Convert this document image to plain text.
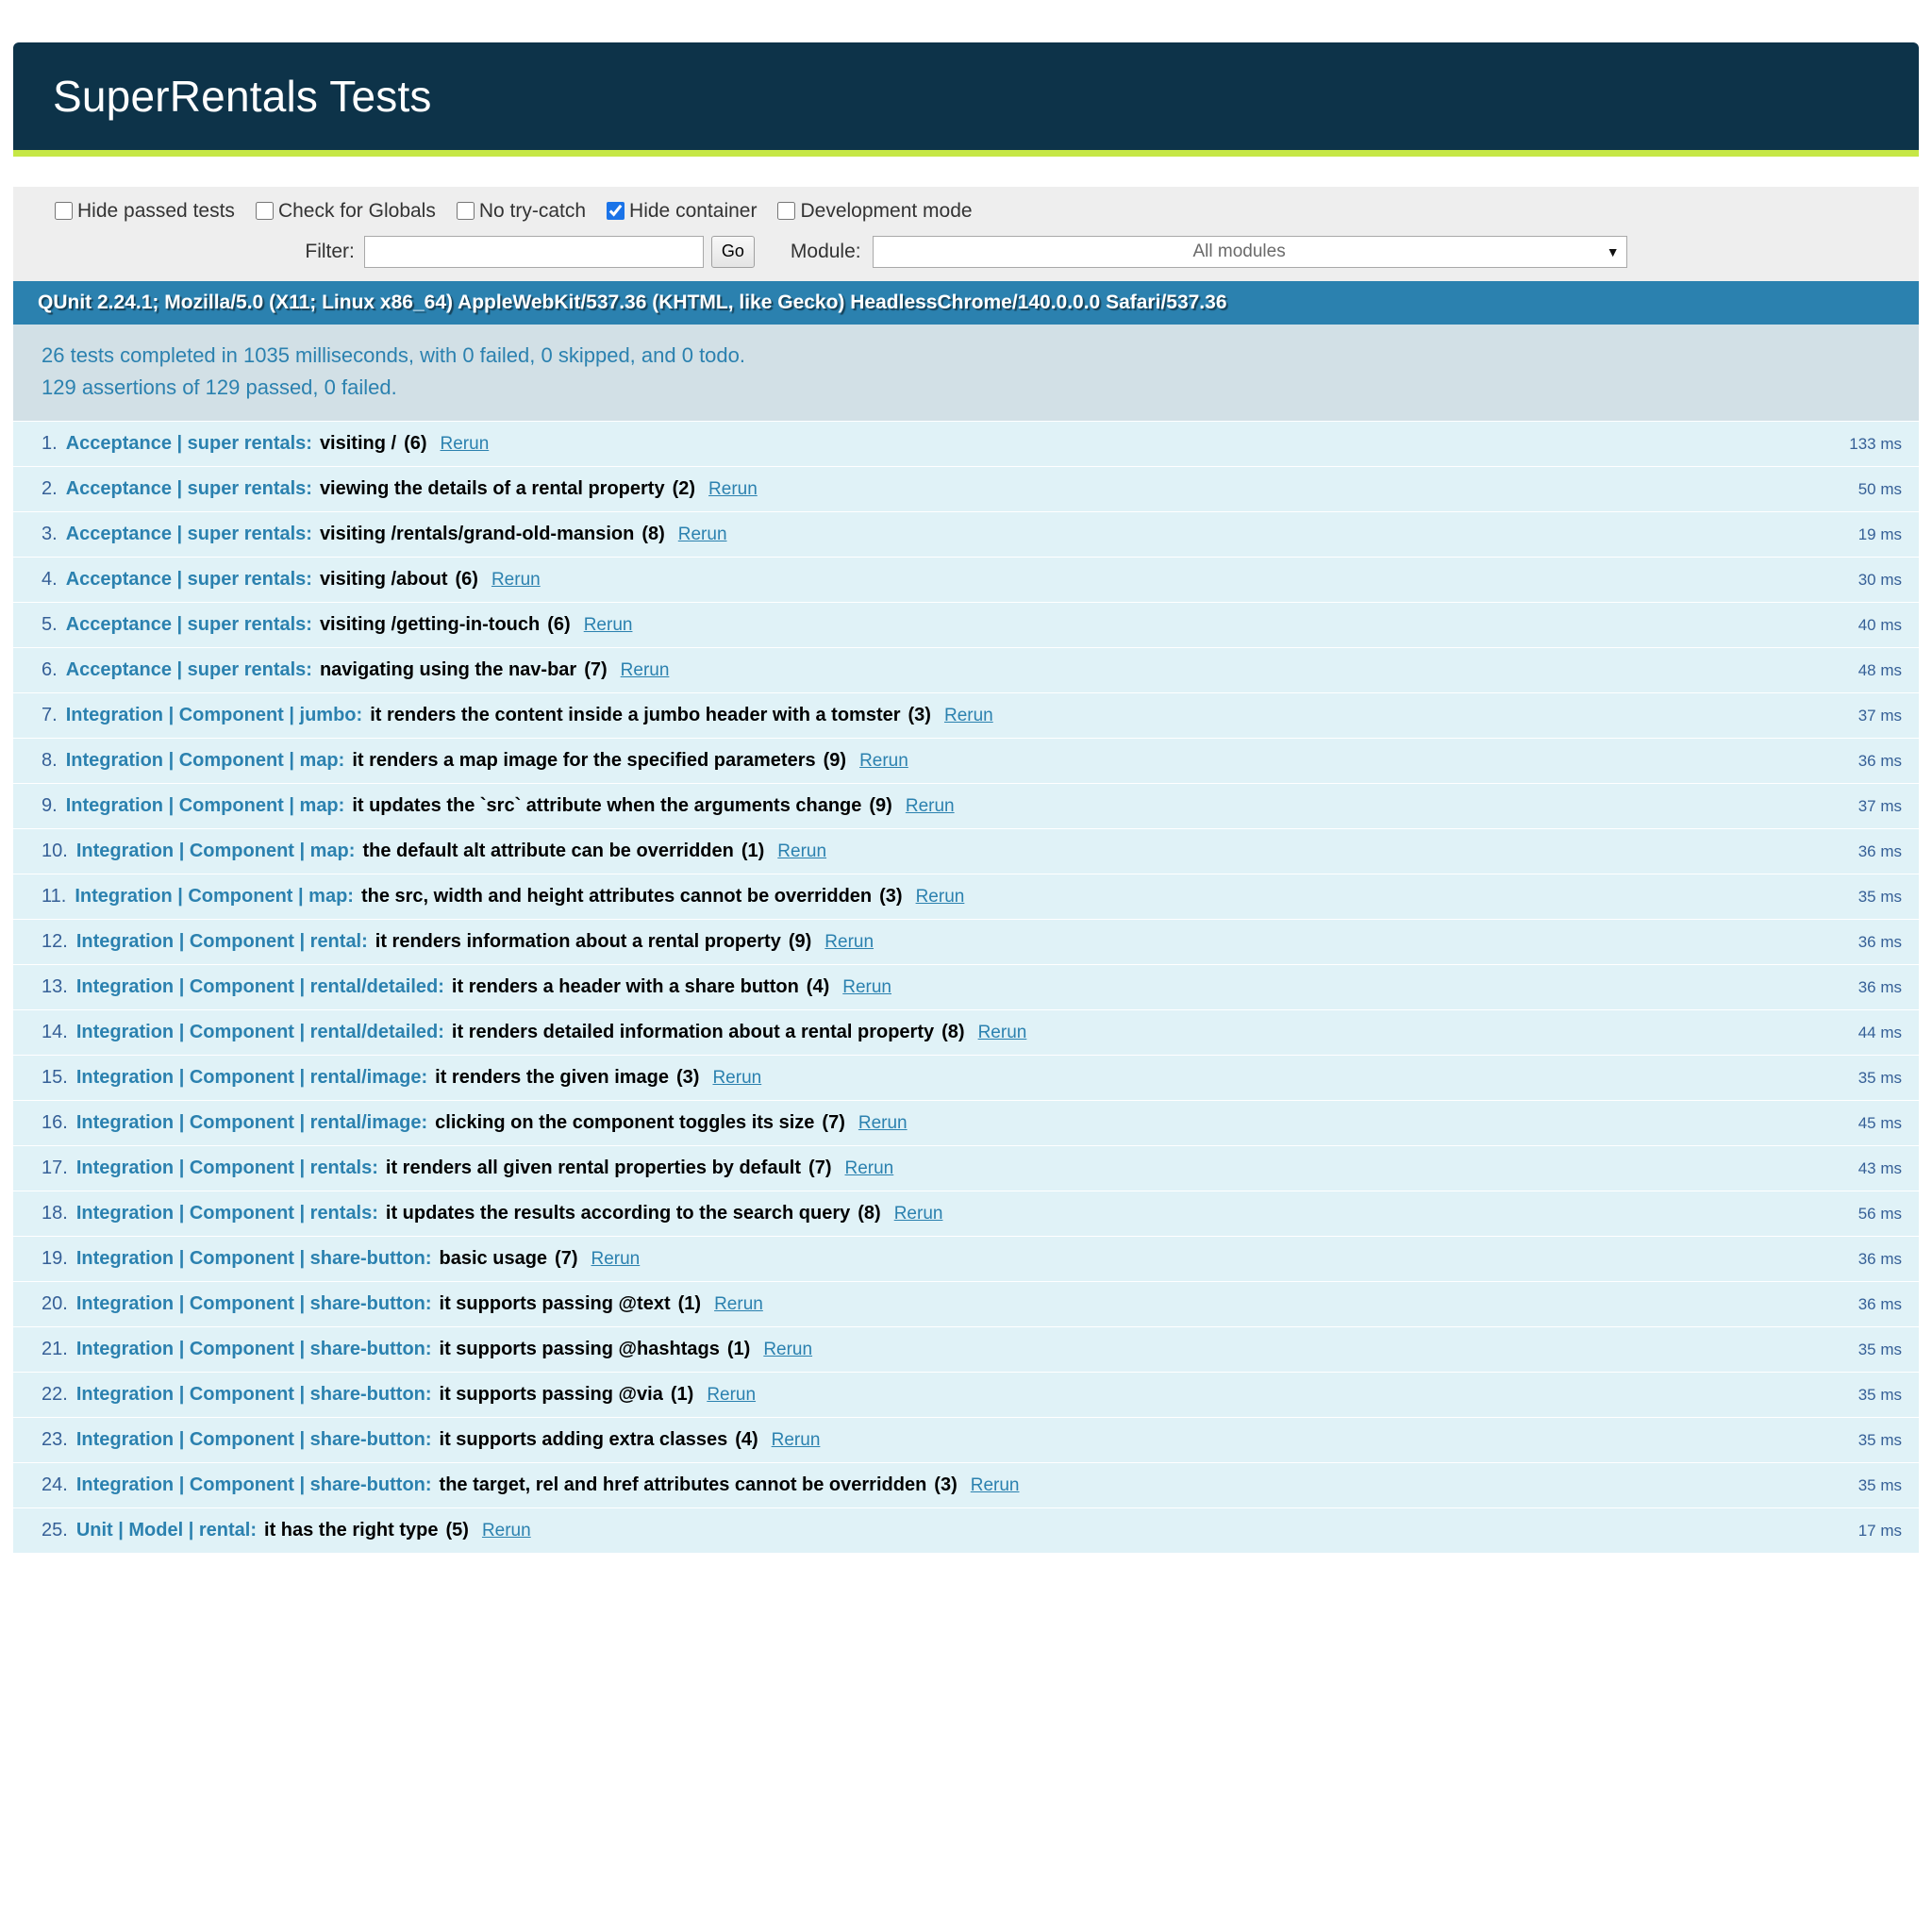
SuperRentals Tests
Hide passed tests Check for Globals No try-catch Hide container Development mode
Filter:	Go	Module:	All modules	▼
QUnit 2.24.1; Mozilla/5.0 (X11; Linux x86_64) AppleWebKit/537.36 (KHTML, like Gecko) HeadlessChrome/140.0.0.0 Safari/537.36
26 tests completed in 1035 milliseconds, with 0 failed, 0 skipped, and 0 todo.
129 assertions of 129 passed, 0 failed.
1. Acceptance | super rentals: visiting / (6) Rerun	133 ms
2. Acceptance | super rentals: viewing the details of a rental property (2) Rerun	50 ms
3. Acceptance | super rentals: visiting /rentals/grand-old-mansion (8) Rerun	19 ms
4. Acceptance | super rentals: visiting /about (6) Rerun	30 ms
5. Acceptance | super rentals: visiting /getting-in-touch (6) Rerun	40 ms
6. Acceptance | super rentals: navigating using the nav-bar (7) Rerun	48 ms
7. Integration | Component | jumbo: it renders the content inside a jumbo header with a tomster (3) Rerun	37 ms
8. Integration | Component | map: it renders a map image for the specified parameters (9) Rerun	36 ms
9. Integration | Component | map: it updates the `src` attribute when the arguments change (9) Rerun	37 ms
10. Integration | Component | map: the default alt attribute can be overridden (1) Rerun	36 ms
11. Integration | Component | map: the src, width and height attributes cannot be overridden (3) Rerun	35 ms
12. Integration | Component | rental: it renders information about a rental property (9) Rerun	36 ms
13. Integration | Component | rental/detailed: it renders a header with a share button (4) Rerun	36 ms
14. Integration | Component | rental/detailed: it renders detailed information about a rental property (8) Rerun	44 ms
15. Integration | Component | rental/image: it renders the given image (3) Rerun	35 ms
16. Integration | Component | rental/image: clicking on the component toggles its size (7) Rerun	45 ms
17. Integration | Component | rentals: it renders all given rental properties by default (7) Rerun	43 ms
18. Integration | Component | rentals: it updates the results according to the search query (8) Rerun	56 ms
19. Integration | Component | share-button: basic usage (7) Rerun	36 ms
20. Integration | Component | share-button: it supports passing @text (1) Rerun	36 ms
21. Integration | Component | share-button: it supports passing @hashtags (1) Rerun	35 ms
22. Integration | Component | share-button: it supports passing @via (1) Rerun	35 ms
23. Integration | Component | share-button: it supports adding extra classes (4) Rerun	35 ms
24. Integration | Component | share-button: the target, rel and href attributes cannot be overridden (3) Rerun	35 ms
25. Unit | Model | rental: it has the right type (5) Rerun	17 ms
